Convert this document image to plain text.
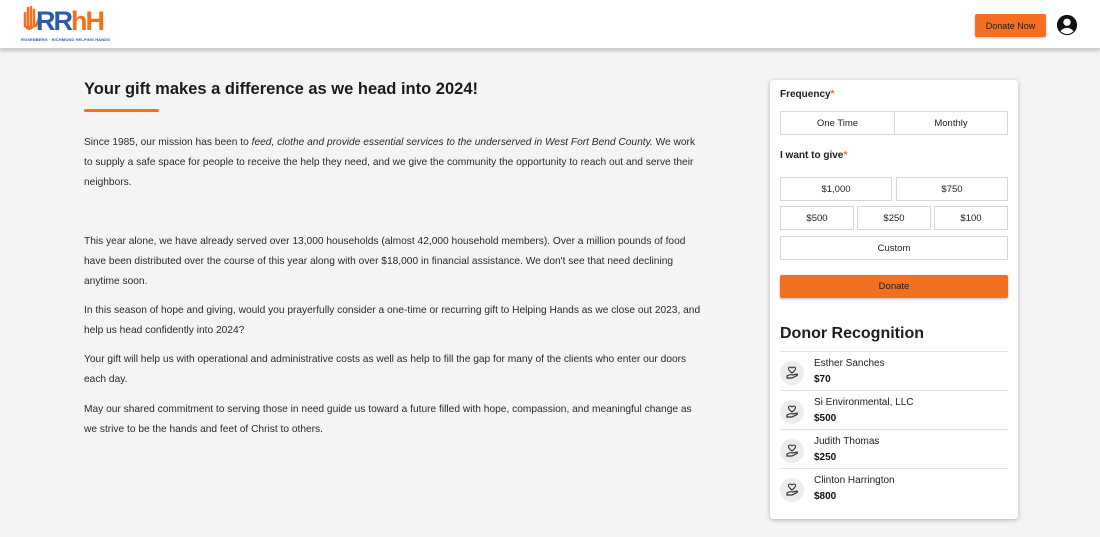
RRhH
ROSENBERG · RICHMOND HELPING HANDS
Donate Now
Your gift makes a difference as we head into 2024!
Since 1985, our mission has been to feed, clothe and provide essential services to the underserved in West Fort Bend County. We work to supply a safe space for people to receive the help they need, and we give the community the opportunity to reach out and serve their neighbors.
This year alone, we have already served over 13,000 households (almost 42,000 household members). Over a million pounds of food have been distributed over the course of this year along with over $18,000 in financial assistance. We don't see that need declining anytime soon.
In this season of hope and giving, would you prayerfully consider a one-time or recurring gift to Helping Hands as we close out 2023, and help us head confidently into 2024?
Your gift will help us with operational and administrative costs as well as help to fill the gap for many of the clients who enter our doors each day.
May our shared commitment to serving those in need guide us toward a future filled with hope, compassion, and meaningful change as we strive to be the hands and feet of Christ to others.
Frequency*
One Time	Monthly
I want to give*
$1,000	$750
$500	$250	$100
Custom
Donate
Donor Recognition
Esther Sanches
$70
Si Environmental, LLC
$500
Judith Thomas
$250
Clinton Harrington
$800
